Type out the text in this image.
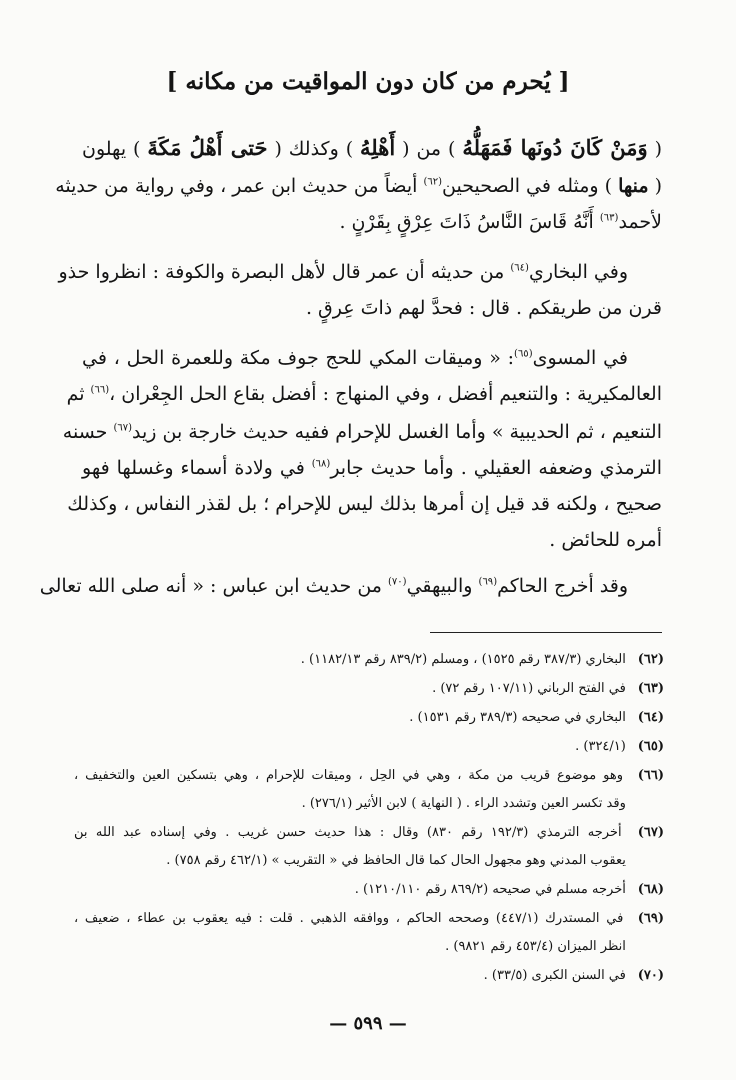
[ يُحرم من كان دون المواقيت من مكانه ]
( وَمَنْ كَانَ دُونَها فَمَهَلُّهُ ) من ( أَهْلِهُ ) وكذلك ( حَتى أَهْلُ مَكَةَ ) يهلون
( منها ) ومثله في الصحيحين$^{(٦٢)}$ أيضاً من حديث ابن عمر ، وفي رواية من حديثه
لأحمد$^{(٦٣)}$ أَنَّهُ قَاسَ النَّاسُ ذَاتَ عِرْقٍ بِقَرْنٍ .
وفي البخاري$^{(٦٤)}$ من حديثه أن عمر قال لأهل البصرة والكوفة : انظروا حذو
قرن من طريقكم . قال : فحدَّ لهم ذاتَ عِرقٍ .
في المسوى$^{(٦٥)}$: « وميقات المكي للحج جوف مكة وللعمرة الحل ، في
العالمكيرية : والتنعيم أفضل ، وفي المنهاج : أفضل بقاع الحل الجِعْران ،$^{(٦٦)}$ ثم
التنعيم ، ثم الحديبية » وأما الغسل للإحرام ففيه حديث خارجة بن زيد$^{(٦٧)}$ حسنه
الترمذي وضعفه العقيلي . وأما حديث جابر$^{(٦٨)}$ في ولادة أسماء وغسلها فهو
صحيح ، ولكنه قد قيل إن أمرها بذلك ليس للإحرام ؛ بل لقذر النفاس ، وكذلك
أمره للحائض .
وقد أخرج الحاكم$^{(٦٩)}$ والبيهقي$^{(٧٠)}$ من حديث ابن عباس : « أنه صلى الله تعالى
(٦٢) البخاري (٣٨٧/٣ رقم ١٥٢٥) ، ومسلم (٨٣٩/٢ رقم ١١٨٢/١٣) .
(٦٣) في الفتح الرباني (١٠٧/١١ رقم ٧٢) .
(٦٤) البخاري في صحيحه (٣٨٩/٣ رقم ١٥٣١) .
(٦٥) (٣٢٤/١) .
(٦٦) وهو موضوع قريب من مكة ، وهي في الحِل ، وميقات للإحرام ، وهي بتسكين العين والتخفيف ،
وقد تكسر العين وتشدد الراء . ( النهاية ) لابن الأثير (٢٧٦/١) .
(٦٧) أخرجه الترمذي (١٩٢/٣ رقم ٨٣٠) وقال : هذا حديث حسن غريب . وفي إسناده عبد الله بن
يعقوب المدني وهو مجهول الحال كما قال الحافظ في « التقريب » (٤٦٢/١ رقم ٧٥٨) .
(٦٨) أخرجه مسلم في صحيحه (٨٦٩/٢ رقم ١٢١٠/١١٠) .
(٦٩) في المستدرك (٤٤٧/١) وصححه الحاكم ، ووافقه الذهبي . قلت : فيه يعقوب بن عطاء ، ضعيف ،
انظر الميزان (٤٥٣/٤ رقم ٩٨٢١) .
(٧٠) في السنن الكبرى (٣٣/٥) .
— ٥٩٩ —
